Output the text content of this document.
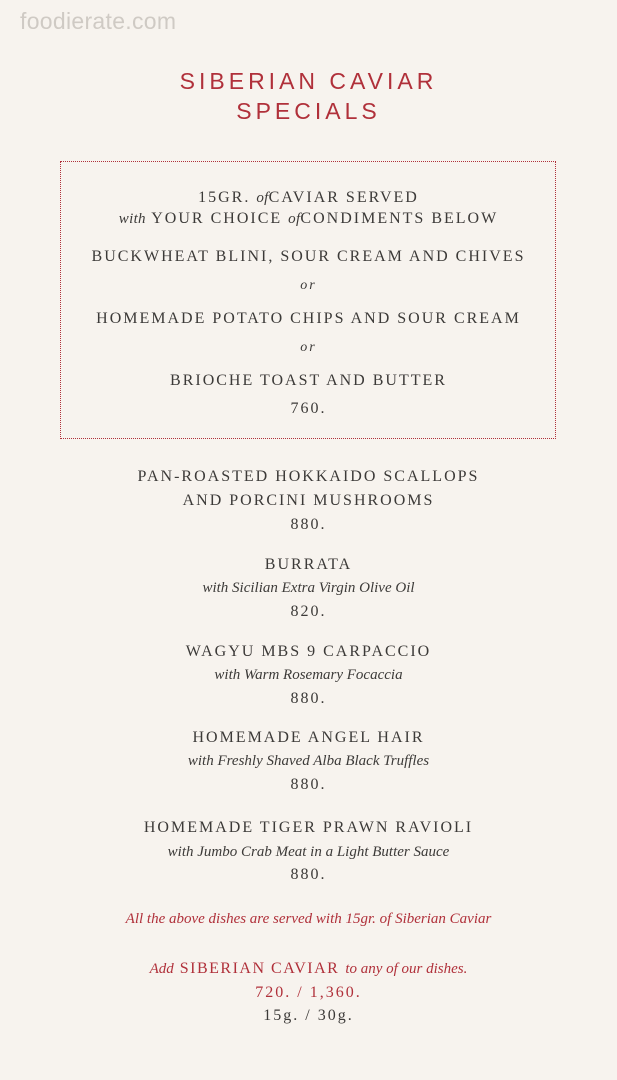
foodierate.com
SIBERIAN CAVIAR
SPECIALS
15GR. ofCAVIAR SERVED
with YOUR CHOICE ofCONDIMENTS BELOW
BUCKWHEAT BLINI, SOUR CREAM AND CHIVES
or
HOMEMADE POTATO CHIPS AND SOUR CREAM
or
BRIOCHE TOAST AND BUTTER
760.
PAN-ROASTED HOKKAIDO SCALLOPS
AND PORCINI MUSHROOMS
880.
BURRATA
with Sicilian Extra Virgin Olive Oil
820.
WAGYU MBS 9 CARPACCIO
with Warm Rosemary Focaccia
880.
HOMEMADE ANGEL HAIR
with Freshly Shaved Alba Black Truffles
880.
HOMEMADE TIGER PRAWN RAVIOLI
with Jumbo Crab Meat in a Light Butter Sauce
880.
All the above dishes are served with 15gr. of Siberian Caviar
Add SIBERIAN CAVIAR to any of our dishes.
720. / 1,360.
15g. / 30g.
